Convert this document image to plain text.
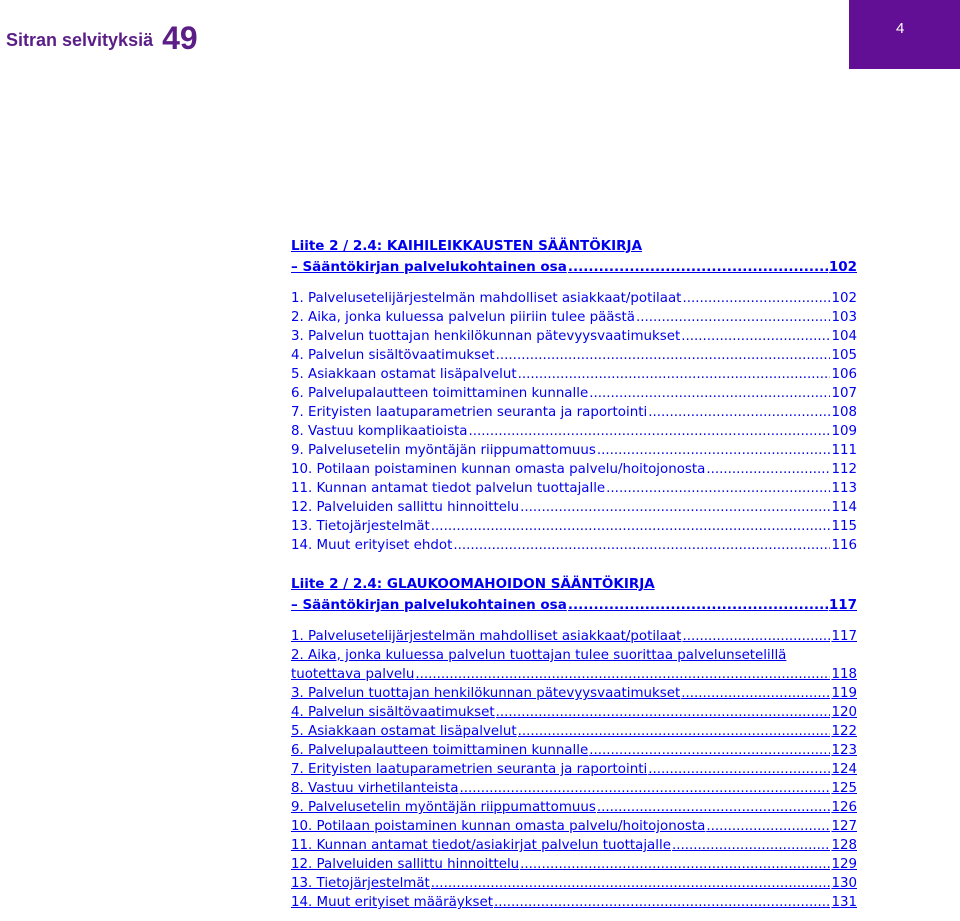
Sitran selvityksiä 49	4
Liite 2 / 2.4: KAIHILEIKKAUSTEN SÄÄNTÖKIRJA
– Sääntökirjan palvelukohtainen osa .....	102
1. Palvelusetelijärjestelmän mahdolliset asiakkaat/potilaat .....	102
2. Aika, jonka kuluessa palvelun piiriin tulee päästä .....	103
3. Palvelun tuottajan henkilökunnan pätevyysvaatimukset .....	104
4. Palvelun sisältövaatimukset .....	105
5. Asiakkaan ostamat lisäpalvelut .....	106
6. Palvelupalautteen toimittaminen kunnalle .....	107
7. Erityisten laatuparametrien seuranta ja raportointi .....	108
8. Vastuu komplikaatioista .....	109
9. Palvelusetelin myöntäjän riippumattomuus .....	111
10. Potilaan poistaminen kunnan omasta palvelu/hoitojonosta .....	112
11. Kunnan antamat tiedot palvelun tuottajalle .....	113
12. Palveluiden sallittu hinnoittelu .....	114
13. Tietojärjestelmät .....	115
14. Muut erityiset ehdot .....	116
Liite 2 / 2.4: GLAUKOOMAHOIDON SÄÄNTÖKIRJA
– Sääntökirjan palvelukohtainen osa .....	117
1. Palvelusetelijärjestelmän mahdolliset asiakkaat/potilaat .....	117
2. Aika, jonka kuluessa palvelun tuottajan tulee suorittaa palvelunsetelillä
tuotettava palvelu .....	118
3. Palvelun tuottajan henkilökunnan pätevyysvaatimukset .....	119
4. Palvelun sisältövaatimukset .....	120
5. Asiakkaan ostamat lisäpalvelut .....	122
6. Palvelupalautteen toimittaminen kunnalle .....	123
7. Erityisten laatuparametrien seuranta ja raportointi .....	124
8. Vastuu virhetilanteista .....	125
9. Palvelusetelin myöntäjän riippumattomuus .....	126
10. Potilaan poistaminen kunnan omasta palvelu/hoitojonosta .....	127
11. Kunnan antamat tiedot/asiakirjat palvelun tuottajalle .....	128
12. Palveluiden sallittu hinnoittelu .....	129
13. Tietojärjestelmät .....	130
14. Muut erityiset määräykset .....	131
